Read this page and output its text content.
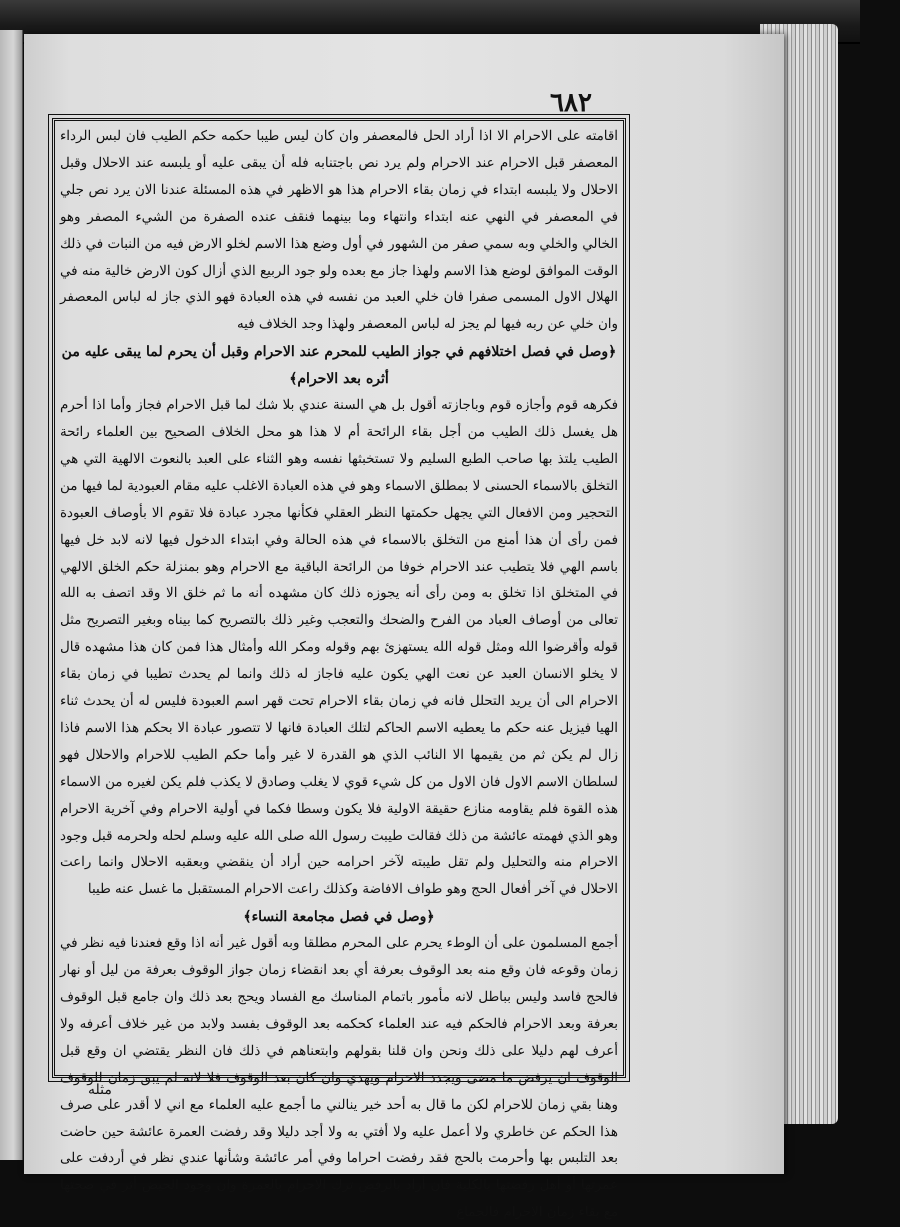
٦٨٢

اقامته على الاحرام الا اذا أراد الحل فالمعصفر وان كان ليس طيبا حكمه حكم الطيب فان لبس الرداء المعصفر قبل الاحرام عند الاحرام ولم يرد نص باجتنابه فله أن يبقى عليه أو يلبسه عند الاحلال وقبل الاحلال ولا يلبسه ابتداء في زمان بقاء الاحرام هذا هو الاظهر في هذه المسئلة عندنا الان يرد نص جلي في المعصفر في النهي عنه ابتداء وانتهاء وما بينهما فنقف عنده الصفرة من الشيء المصفر وهو الخالي والخلي وبه سمي صفر من الشهور في أول وضع هذا الاسم لخلو الارض فيه من النبات في ذلك الوقت الموافق لوضع هذا الاسم ولهذا جاز مع بعده ولو جود الربيع الذي أزال كون الارض خالية منه في الهلال الاول المسمى صفرا فان خلي العبد من نفسه في هذه العبادة فهو الذي جاز له لباس المعصفر وان خلي عن ربه فيها لم يجز له لباس المعصفر ولهذا وجد الخلاف فيه

﴿وصل في فصل اختلافهم في جواز الطيب للمحرم عند الاحرام وقبل أن يحرم لما يبقى عليه من أثره بعد الاحرام﴾

فكرهه قوم وأجازه قوم وباجازته أقول بل هي السنة عندي بلا شك لما قبل الاحرام فجاز وأما اذا أحرم هل يغسل ذلك الطيب من أجل بقاء الرائحة أم لا هذا هو محل الخلاف الصحيح بين العلماء رائحة الطيب يلتذ بها صاحب الطبع السليم ولا تستخبثها نفسه وهو الثناء على العبد بالنعوت الالهية التي هي التخلق بالاسماء الحسنى لا بمطلق الاسماء وهو في هذه العبادة الاغلب عليه مقام العبودية لما فيها من التحجير ومن الافعال التي يجهل حكمتها النظر العقلي فكأنها مجرد عبادة فلا تقوم الا بأوصاف العبودة فمن رأى أن هذا أمنع من التخلق بالاسماء في هذه الحالة وفي ابتداء الدخول فيها لانه لابد خل فيها باسم الهي فلا يتطيب عند الاحرام خوفا من الرائحة الباقية مع الاحرام وهو بمنزلة حكم الخلق الالهي في المتخلق اذا تخلق به ومن رأى أنه يجوزه ذلك كان مشهده أنه ما ثم خلق الا وقد اتصف به الله تعالى من أوصاف العباد من الفرح والضحك والتعجب وغير ذلك بالتصريح كما بيناه وبغير التصريح مثل قوله وأقرضوا الله ومثل قوله الله يستهزئ بهم وقوله ومكر الله وأمثال هذا فمن كان هذا مشهده قال لا يخلو الانسان العبد عن نعت الهي يكون عليه فاجاز له ذلك وانما لم يحدث تطيبا في زمان بقاء الاحرام الى أن يريد التحلل فانه في زمان بقاء الاحرام تحت قهر اسم العبودة فليس له أن يحدث ثناء الهيا فيزيل عنه حكم ما يعطيه الاسم الحاكم لتلك العبادة فانها لا تتصور عبادة الا بحكم هذا الاسم فاذا زال لم يكن ثم من يقيمها الا النائب الذي هو القدرة لا غير وأما حكم الطيب للاحرام والاحلال فهو لسلطان الاسم الاول فان الاول من كل شيء قوي لا يغلب وصادق لا يكذب فلم يكن لغيره من الاسماء هذه القوة فلم يقاومه منازع حقيقة الاولية فلا يكون وسطا فكما في أولية الاحرام وفي آخرية الاحرام وهو الذي فهمته عائشة من ذلك فقالت طيبت رسول الله صلى الله عليه وسلم لحله ولحرمه قبل وجود الاحرام منه والتحليل ولم تقل طيبته لآخر احرامه حين أراد أن ينقضي وبعقبه الاحلال وانما راعت الاحلال في آخر أفعال الحج وهو طواف الافاضة وكذلك راعت الاحرام المستقبل ما غسل عنه طيبا

﴿وصل في فصل مجامعة النساء﴾

أجمع المسلمون على أن الوطء يحرم على المحرم مطلقا وبه أقول غير أنه اذا وقع فعندنا فيه نظر في زمان وقوعه فان وقع منه بعد الوقوف بعرفة أي بعد انقضاء زمان جواز الوقوف بعرفة من ليل أو نهار فالحج فاسد وليس بباطل لانه مأمور باتمام المناسك مع الفساد ويحج بعد ذلك وان جامع قبل الوقوف بعرفة وبعد الاحرام فالحكم فيه عند العلماء كحكمه بعد الوقوف بفسد ولابد من غير خلاف أعرفه ولا أعرف لهم دليلا على ذلك ونحن وان قلنا بقولهم وابتعناهم في ذلك فان النظر يقتضي ان وقع قبل الوقوف ان يرفض ما مضى ويجدد الاحرام ويهدي وان كان بعد الوقوف فلا لانه لم يبق زمان للوقوف وهنا بقي زمان للاحرام لكن ما قال به أحد خير ينالني ما أجمع عليه العلماء مع اني لا أقدر على صرف هذا الحكم عن خاطري ولا أعمل عليه ولا أفتي به ولا أجد دليلا وقد رفضت العمرة عائشة حين حاضت بعد التلبس بها وأحرمت بالحج فقد رفضت احراما وفي أمر عائشة وشأنها عندي نظر في أردفت على عمرتها أو أهل رفضتها بالكلية فان أراد بالرفض ترك الاحرام بالعمرة وان وجود الحيض أثر في صحتها مع بقاء زمان الاحرام فالجماع

مثله
